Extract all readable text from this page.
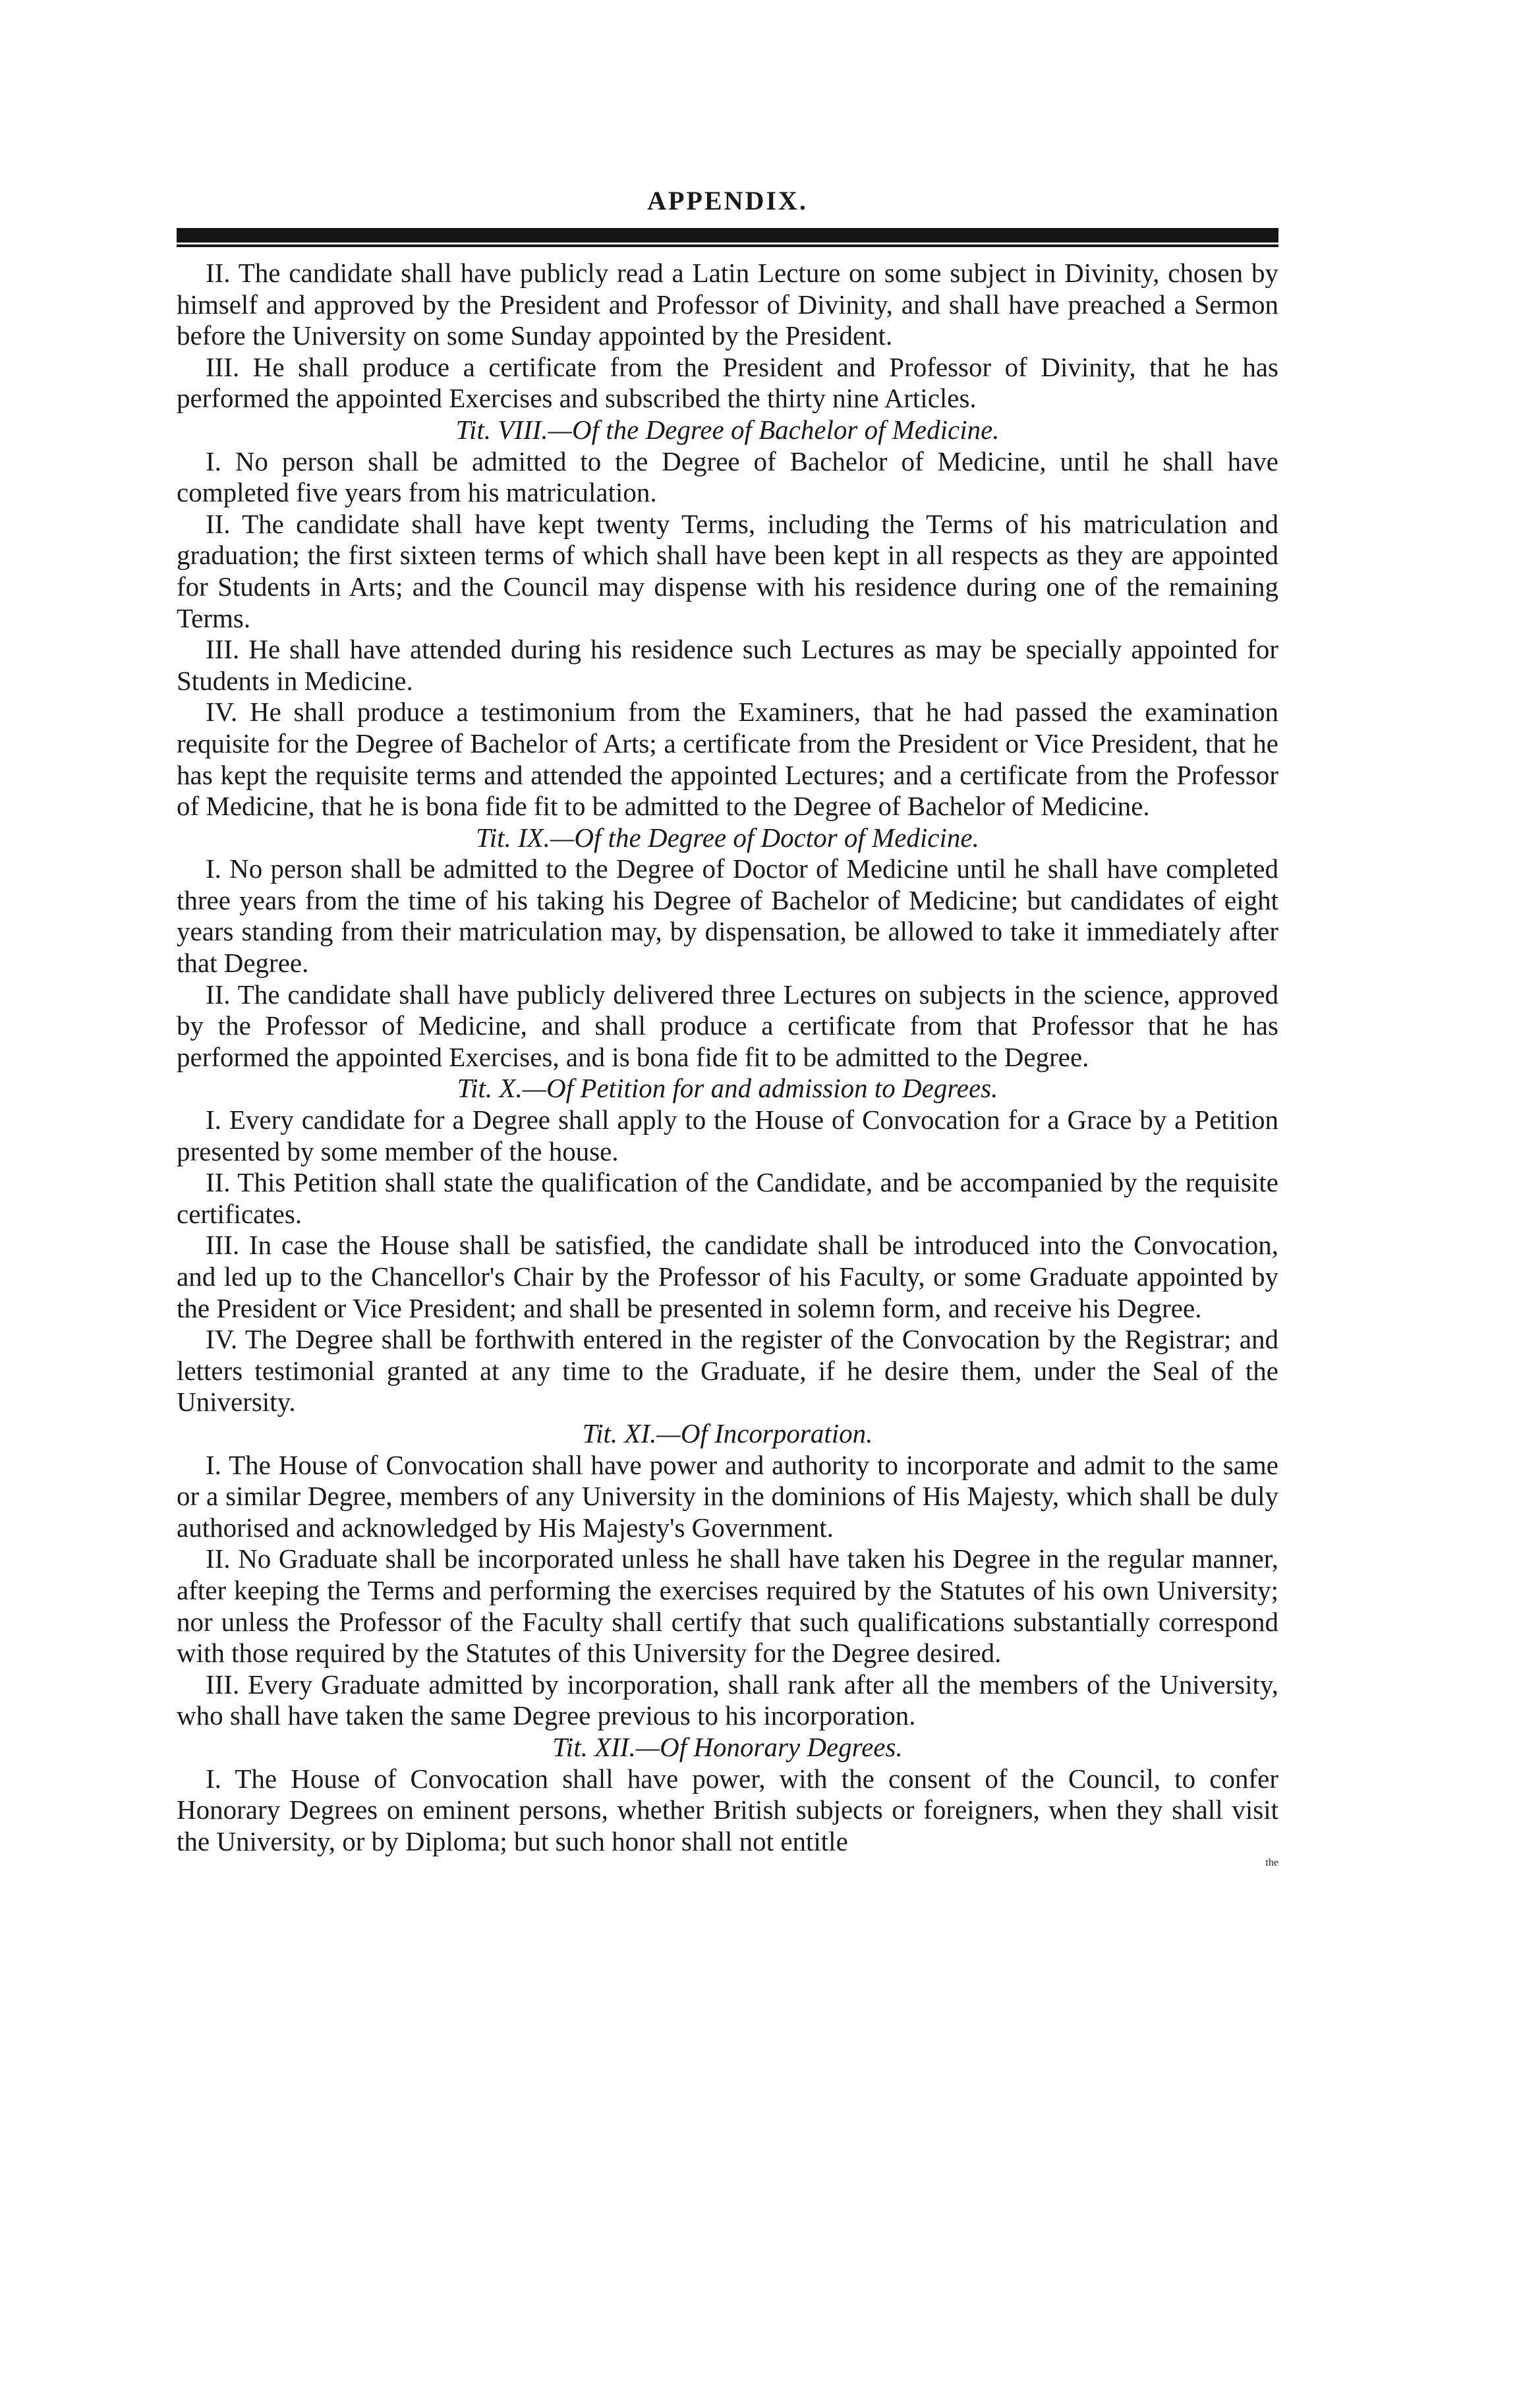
APPENDIX.

II. The candidate shall have publicly read a Latin Lecture on some subject in Divinity, chosen by himself and approved by the President and Professor of Divinity, and shall have preached a Sermon before the University on some Sunday appointed by the President.

III. He shall produce a certificate from the President and Professor of Divinity, that he has performed the appointed Exercises and subscribed the thirty nine Articles.

Tit. VIII.—Of the Degree of Bachelor of Medicine.

I. No person shall be admitted to the Degree of Bachelor of Medicine, until he shall have completed five years from his matriculation.

II. The candidate shall have kept twenty Terms, including the Terms of his matriculation and graduation; the first sixteen terms of which shall have been kept in all respects as they are appointed for Students in Arts; and the Council may dispense with his residence during one of the remaining Terms.

III. He shall have attended during his residence such Lectures as may be specially appointed for Students in Medicine.

IV. He shall produce a testimonium from the Examiners, that he had passed the examination requisite for the Degree of Bachelor of Arts; a certificate from the President or Vice President, that he has kept the requisite terms and attended the appointed Lectures; and a certificate from the Professor of Medicine, that he is bona fide fit to be admitted to the Degree of Bachelor of Medicine.

Tit. IX.—Of the Degree of Doctor of Medicine.

I. No person shall be admitted to the Degree of Doctor of Medicine until he shall have completed three years from the time of his taking his Degree of Bachelor of Medicine; but candidates of eight years standing from their matriculation may, by dispensation, be allowed to take it immediately after that Degree.

II. The candidate shall have publicly delivered three Lectures on subjects in the science, approved by the Professor of Medicine, and shall produce a certificate from that Professor that he has performed the appointed Exercises, and is bona fide fit to be admitted to the Degree.

Tit. X.—Of Petition for and admission to Degrees.

I. Every candidate for a Degree shall apply to the House of Convocation for a Grace by a Petition presented by some member of the house.

II. This Petition shall state the qualification of the Candidate, and be accompanied by the requisite certificates.

III. In case the House shall be satisfied, the candidate shall be introduced into the Convocation, and led up to the Chancellor's Chair by the Professor of his Faculty, or some Graduate appointed by the President or Vice President; and shall be presented in solemn form, and receive his Degree.

IV. The Degree shall be forthwith entered in the register of the Convocation by the Registrar; and letters testimonial granted at any time to the Graduate, if he desire them, under the Seal of the University.

Tit. XI.—Of Incorporation.

I. The House of Convocation shall have power and authority to incorporate and admit to the same or a similar Degree, members of any University in the dominions of His Majesty, which shall be duly authorised and acknowledged by His Majesty's Government.

II. No Graduate shall be incorporated unless he shall have taken his Degree in the regular manner, after keeping the Terms and performing the exercises required by the Statutes of his own University; nor unless the Professor of the Faculty shall certify that such qualifications substantially correspond with those required by the Statutes of this University for the Degree desired.

III. Every Graduate admitted by incorporation, shall rank after all the members of the University, who shall have taken the same Degree previous to his incorporation.

Tit. XII.—Of Honorary Degrees.

I. The House of Convocation shall have power, with the consent of the Council, to confer Honorary Degrees on eminent persons, whether British subjects or foreigners, when they shall visit the University, or by Diploma; but such honor shall not entitle

the
